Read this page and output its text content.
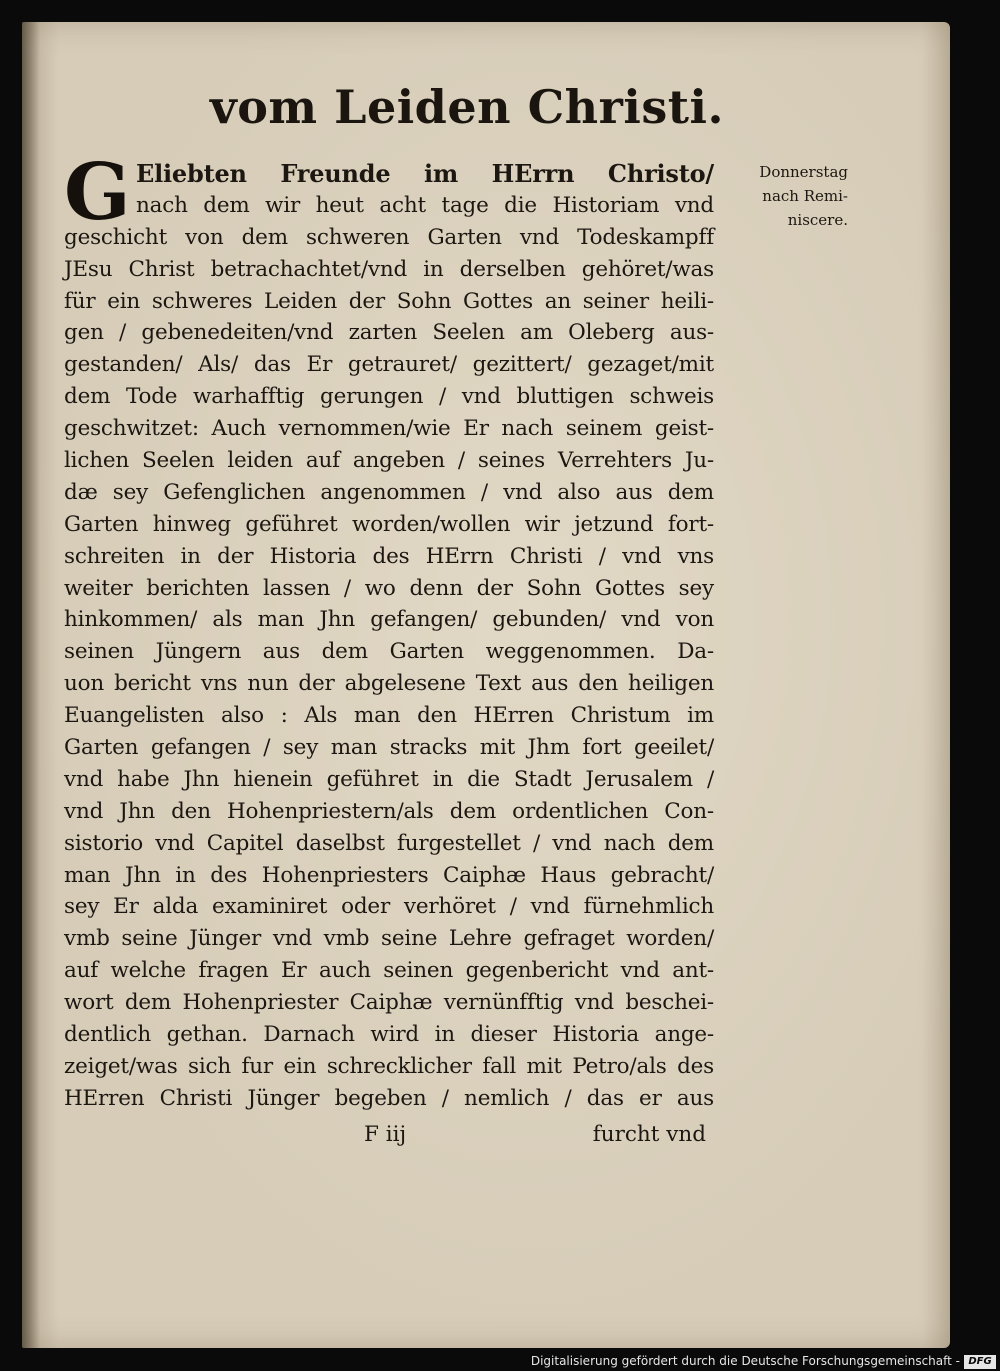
vom Leiden Christi.
G Eliebten Freunde im HErrn Christo/
nach dem wir heut acht tage die Historiam vnd
geschicht von dem schweren Garten vnd Todeskampff
JEsu Christ betrachachtet/vnd in derselben gehöret/was
für ein schweres Leiden der Sohn Gottes an seiner heili-
gen / gebenedeiten/vnd zarten Seelen am Oleberg aus-
gestanden/ Als/ das Er getrauret/ gezittert/ gezaget/mit
dem Tode warhafftig gerungen / vnd bluttigen schweis
geschwitzet: Auch vernommen/wie Er nach seinem geist-
lichen Seelen leiden auf angeben / seines Verrehters Ju-
dæ sey Gefenglichen angenommen / vnd also aus dem
Garten hinweg geführet worden/wollen wir jetzund fort-
schreiten in der Historia des HErrn Christi / vnd vns
weiter berichten lassen / wo denn der Sohn Gottes sey
hinkommen/ als man Jhn gefangen/ gebunden/ vnd von
seinen Jüngern aus dem Garten weggenommen. Da-
uon bericht vns nun der abgelesene Text aus den heiligen
Euangelisten also : Als man den HErren Christum im
Garten gefangen / sey man stracks mit Jhm fort geeilet/
vnd habe Jhn hienein geführet in die Stadt Jerusalem /
vnd Jhn den Hohenpriestern/als dem ordentlichen Con-
sistorio vnd Capitel daselbst furgestellet / vnd nach dem
man Jhn in des Hohenpriesters Caiphæ Haus gebracht/
sey Er alda examiniret oder verhöret / vnd fürnehmlich
vmb seine Jünger vnd vmb seine Lehre gefraget worden/
auf welche fragen Er auch seinen gegenbericht vnd ant-
wort dem Hohenpriester Caiphæ vernünfftig vnd beschei-
dentlich gethan. Darnach wird in dieser Historia ange-
zeiget/was sich fur ein schrecklicher fall mit Petro/als des
HErren Christi Jünger begeben / nemlich / das er aus
F iij	furcht vnd
Donnerstag
nach Remi-
niscere.
Digitalisierung gefördert durch die Deutsche Forschungsgemeinschaft - DFG
